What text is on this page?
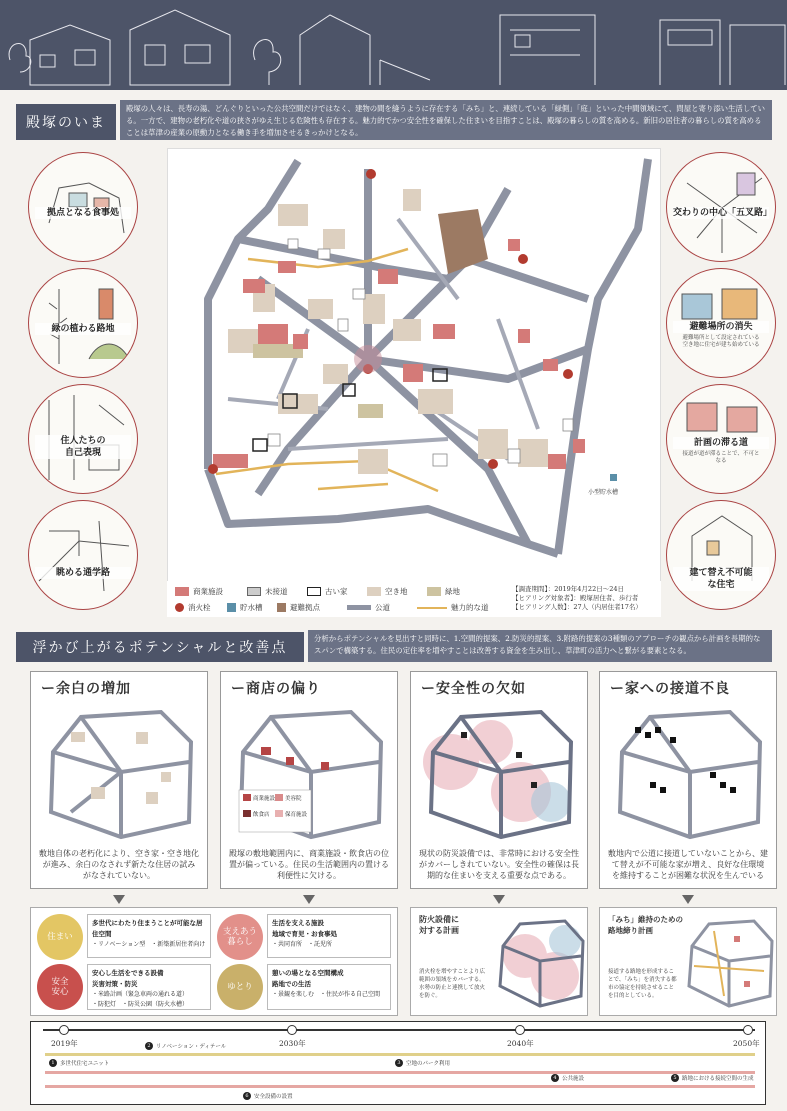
殿塚のいま
殿塚の人々は、長寿の湯、どんぐりといった公共空間だけではなく、建物の間を縫うように存在する「みち」と、連続している「緑側」「庭」といった中間領域にて、問屋と寄り添い生活している。一方で、建物の老朽化や道の狭さがゆえ生じる危険性も存在する。魅力的でかつ安全性を確保した住まいを目指すことは、殿塚の暮らしの質を高める。新旧の居住者の暮らしの質を高めることは草津の産業の原動力となる働き手を増加させるきっかけとなる。
拠点となる食事処
緑の植わる路地
住人たちの
自己表現
眺める通学路
交わりの中心「五叉路」
避難場所の消失
避難場所として設定されている空き地に住宅が建ち始めている
計画の滞る道
接道が道が滞ることで、不可となる
建て替え不可能
な住宅
小型貯水槽
商業施設	未接道	古い家	空き地	緑地
消火栓	貯水槽	避難拠点	公道	魅力的な道
【調査期間】：2019年4月22日〜24日
【ヒアリング対象者】：殿塚居住者、歩行者
【ヒアリング人数】：27人（内居住者17名）
浮かび上がるポテンシャルと改善点
分析からポテンシャルを見出すと同時に、1.空間的提案、2.防災的提案、3.附路的提案の3種類のアプローチの観点から計画を長期的なスパンで構築する。住民の定住率を増やすことは改善する資金を生み出し、草津町の活力へと繋がる要素となる。
ー余白の増加
敷地自体の老朽化により、空き家・空き地化が進み、余白のなされず新たな住居の試みがなされていない。
ー商店の偏り
商業施設 美容院
飲食店	保育施設
殿塚の敷地範囲内に、商業施設・飲食店の位置が偏っている。住民の生活範囲内の置ける利便性に欠ける。
ー安全性の欠如
現状の防災設備では、非常時における安全性がカバーしきれていない。安全性の確保は長期的な住まいを支える重要な点である。
ー家への接道不良
敷地内で公道に接道していないことから、建て替えが不可能な家が増え、良好な住環境を維持することが困難な状況を生んでいる
住まい
安全
安心
支えあう
暮らし
ゆとり
多世代にわたり住まうことが可能な居住空間
・リノベーション型　・新築新居住者向け
安心し生活をできる設備
災害対策・防災
・米路計画（緊急車両の通れる道）
・防犯灯　・防災公園（防火水槽）
生活を支える施設
地域で育児・お食事処
・共同育所　・託児所
憩いの場となる空間構成
路地での生活
・景観を楽しむ　・住民が作る自己空間
防火設備に
対する計画
消火栓を増やすことより広範囲の領域をカバーする。水勢の防止と連携して放火を防ぐ。
「みち」維持のための
路地締り計画
接道する路地を形成することで、「みち」を消失する都市の協定を持続させることを目的としている。
2019年	2030年	2040年	2050年
1 多世代住宅ユニット
2 リノベーション・ディテール
3 空地のパーク利用
4 公共施設	5 路地における接続空間の生成
6 安全設備の設置
